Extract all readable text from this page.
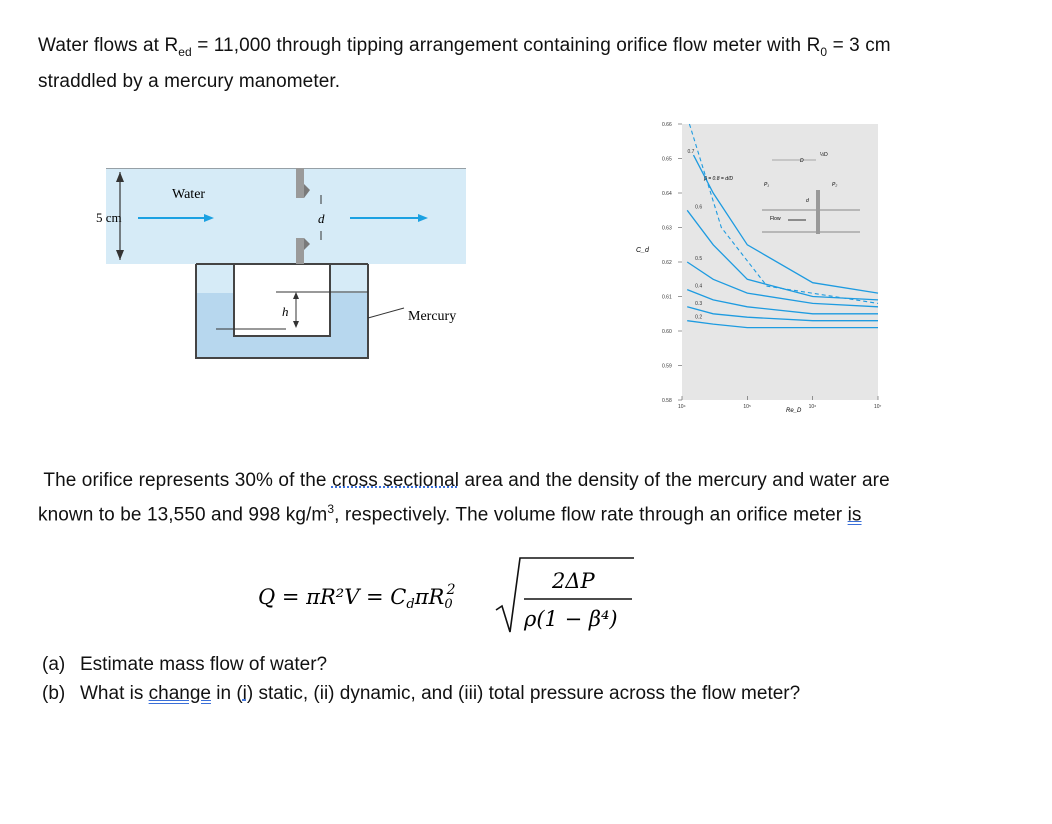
Water flows at $R_{ed} = 11,000$ through tipping arrangement containing orifice flow meter with $R_0 = 3$ cm
straddled by a mercury manometer.
Water
5 cm	d
h	Mercury
0.7
0.6
0.5
0.4
0.3
0.2
0.58
0.59
0.60
0.61
0.62
0.63
0.64
0.65
0.66
10⁴	10⁵	10⁶	10⁷
Flow
D
d
½D
P₁	P₂
β = 0.8 = d/D
C_d
Re_D
The orifice represents 30% of the cross sectional area and the density of the mercury and water are
known to be 13,550 and 998 $kg/m^3$, respectively. The volume flow rate through an orifice meter is
Q = πR²V = CdπR02	2ΔP
ρ(1 − β⁴)
(a) Estimate mass flow of water?
(b) What is change in (i) static, (ii) dynamic, and (iii) total pressure across the flow meter?
